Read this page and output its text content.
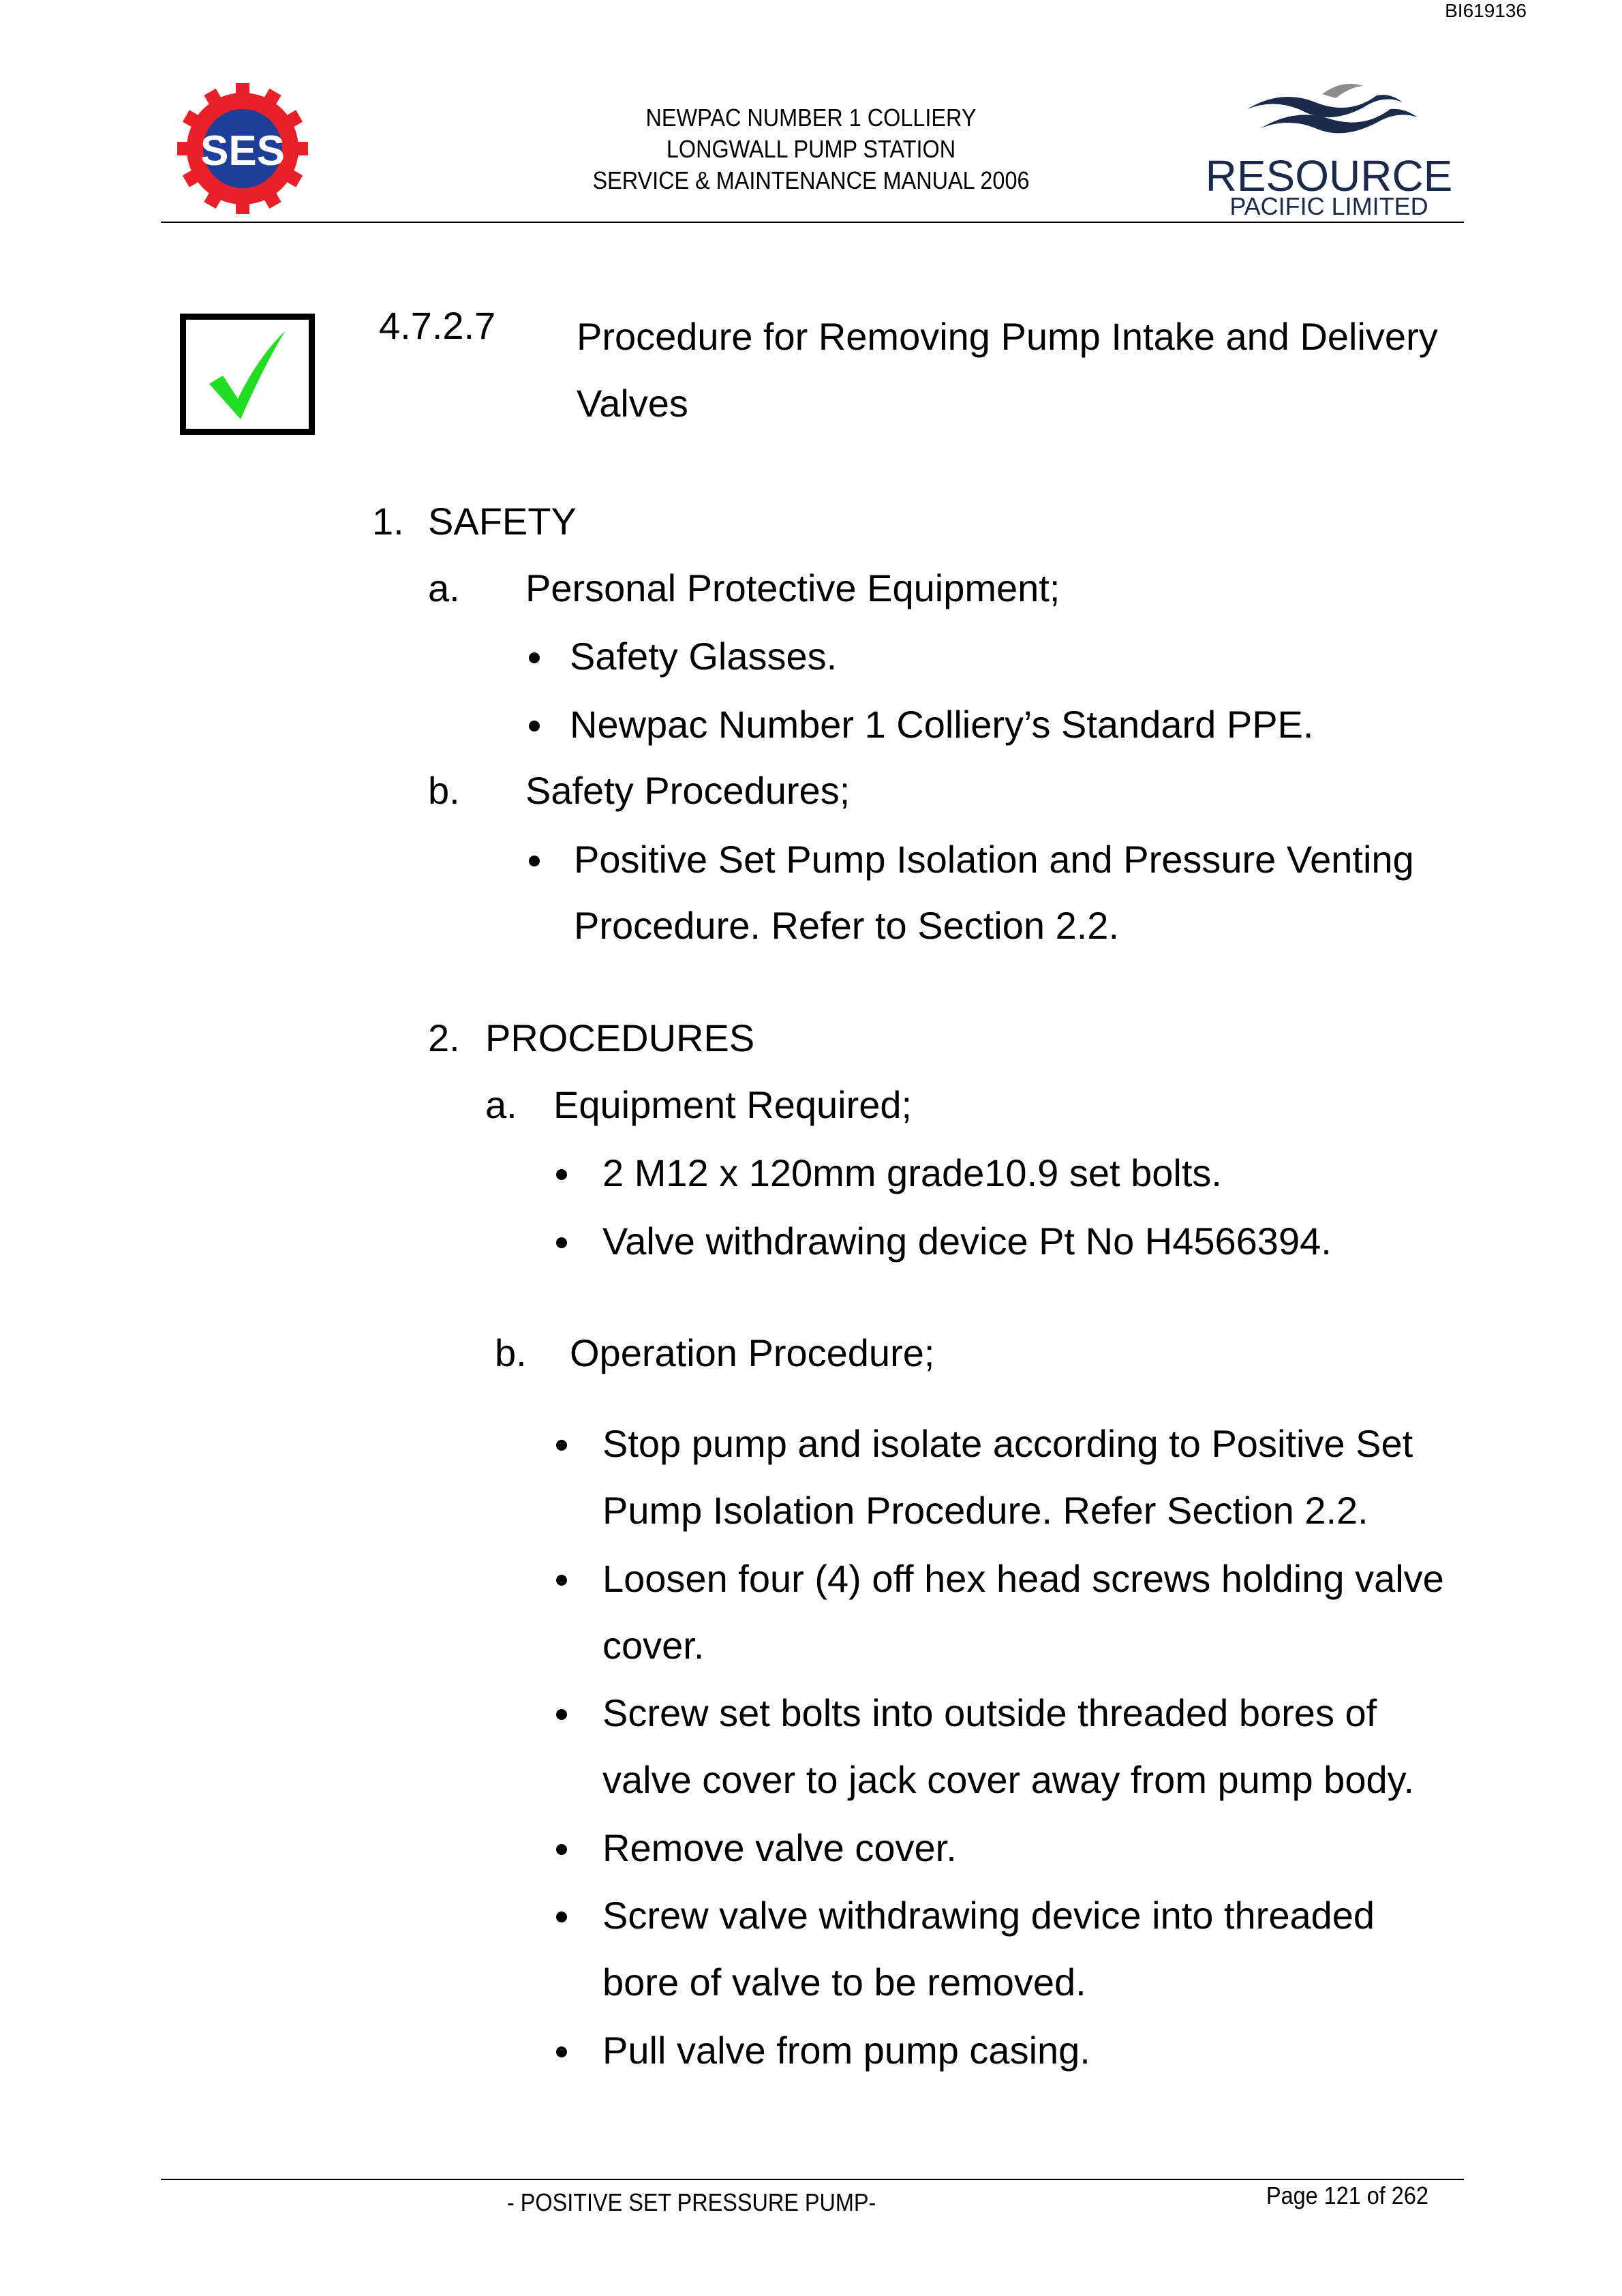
BI619136
SES
NEWPAC NUMBER 1 COLLIERY
LONGWALL PUMP STATION
SERVICE & MAINTENANCE MANUAL 2006	RESOURCE
PACIFIC LIMITED
4.7.2.7 Procedure for Removing Pump Intake and Delivery Valves
1. SAFETY
a. Personal Protective Equipment;
Safety Glasses.
Newpac Number 1 Colliery’s Standard PPE.
b. Safety Procedures;
Positive Set Pump Isolation and Pressure Venting
Procedure. Refer to Section 2.2.
2. PROCEDURES
a. Equipment Required;
2 M12 x 120mm grade10.9 set bolts.
Valve withdrawing device Pt No H4566394.
b. Operation Procedure;
Stop pump and isolate according to Positive Set
Pump Isolation Procedure. Refer Section 2.2.
Loosen four (4) off hex head screws holding valve
cover.
Screw set bolts into outside threaded bores of
valve cover to jack cover away from pump body.
Remove valve cover.
Screw valve withdrawing device into threaded
bore of valve to be removed.
Pull valve from pump casing.
- POSITIVE SET PRESSURE PUMP-	Page 121 of 262
